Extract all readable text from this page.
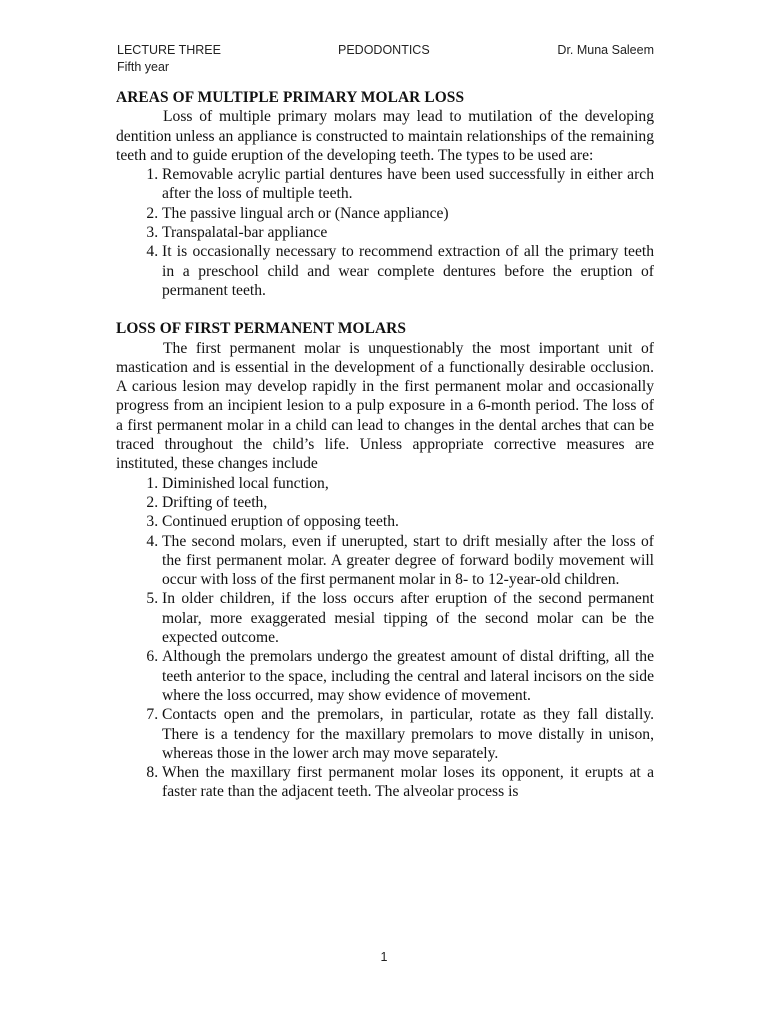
LECTURE THREE	PEDODONTICS	Dr. Muna Saleem
Fifth year
AREAS OF MULTIPLE PRIMARY MOLAR LOSS

Loss of multiple primary molars may lead to mutilation of the developing dentition unless an appliance is constructed to maintain relationships of the remaining teeth and to guide eruption of the developing teeth. The types to be used are:

1. Removable acrylic partial dentures have been used successfully in either arch after the loss of multiple teeth.
2. The passive lingual arch or (Nance appliance)
3. Transpalatal-bar appliance
4. It is occasionally necessary to recommend extraction of all the primary teeth in a preschool child and wear complete dentures before the eruption of permanent teeth.
LOSS OF FIRST PERMANENT MOLARS

The first permanent molar is unquestionably the most important unit of mastication and is essential in the development of a functionally desirable occlusion. A carious lesion may develop rapidly in the first permanent molar and occasionally progress from an incipient lesion to a pulp exposure in a 6-month period. The loss of a first permanent molar in a child can lead to changes in the dental arches that can be traced throughout the child’s life. Unless appropriate corrective measures are instituted, these changes include

1. Diminished local function,
2. Drifting of teeth,
3. Continued eruption of opposing teeth.
4. The second molars, even if unerupted, start to drift mesially after the loss of the first permanent molar. A greater degree of forward bodily movement will occur with loss of the first permanent molar in 8- to 12-year-old children.
5. In older children, if the loss occurs after eruption of the second permanent molar, more exaggerated mesial tipping of the second molar can be the expected outcome.
6. Although the premolars undergo the greatest amount of distal drifting, all the teeth anterior to the space, including the central and lateral incisors on the side where the loss occurred, may show evidence of movement.
7. Contacts open and the premolars, in particular, rotate as they fall distally. There is a tendency for the maxillary premolars to move distally in unison, whereas those in the lower arch may move separately.
8. When the maxillary first permanent molar loses its opponent, it erupts at a faster rate than the adjacent teeth. The alveolar process is
1
